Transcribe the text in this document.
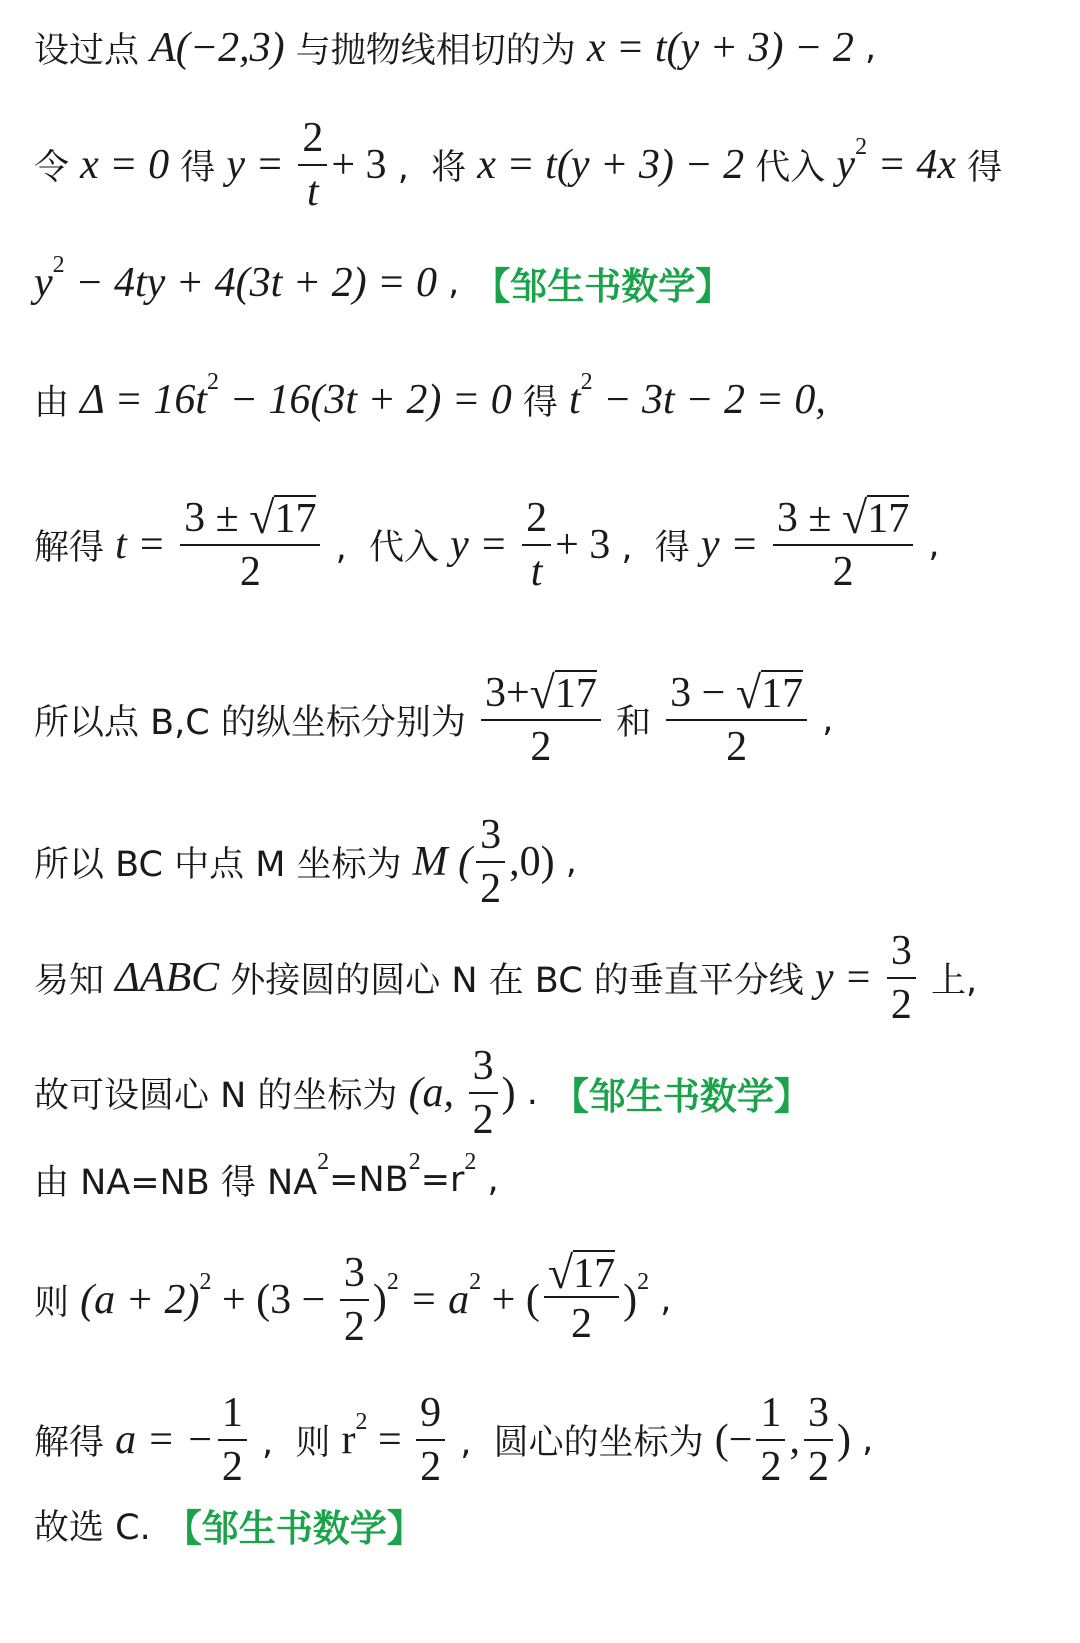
设过点 A(−2,3) 与抛物线相切的为 x = t(y + 3) − 2 ,
令 x = 0 得 $y = \frac{2}{t} + 3$ ,  将 x = t(y + 3) − 2 代入 y 2 = 4x 得
y 2 − 4ty + 4(3t + 2) = 0 , 【邹生书数学】
由 Δ = 16t 2 − 16(3t + 2) = 0 得 t 2 − 3t − 2 = 0,
解得 $t = \frac{3 \pm √ 17}{2}$ ,  代入 $y = \frac{2}{t} + 3$ ,  得 $y = \frac{3 \pm √ 17}{2}$ ,
所以点 B,C 的纵坐标分别为 $\frac{3+ √ 17}{2}$ 和 $\frac{3 - √ 17}{2}$ ,
所以 BC 中点 M 坐标为 M ( $\frac{3}{2} ,0$) ,
易知 ΔABC 外接圆的圆心 N 在 BC 的垂直平分线 $y = \frac{3}{2}$ 上,
故可设圆心 N 的坐标为 (a, $\frac{3}{2}$ ) . 【邹生书数学】
由 NA=NB 得 NA
2 =NB 2 =r 2 ,
则 (a + 2) $2 + (3 - \frac{3}{2}$ ) 2 = a 2 + ( $\frac{√ 17}{2}$ ) 2 ,
解得 a = − $\frac{1}{2}$ ,  则 r $2 = \frac{9}{2}$ ,  圆心的坐标为 (− $\frac{1}{2}$ , $\frac{3}{2}$ ) ,
故选 C. 【邹生书数学】
